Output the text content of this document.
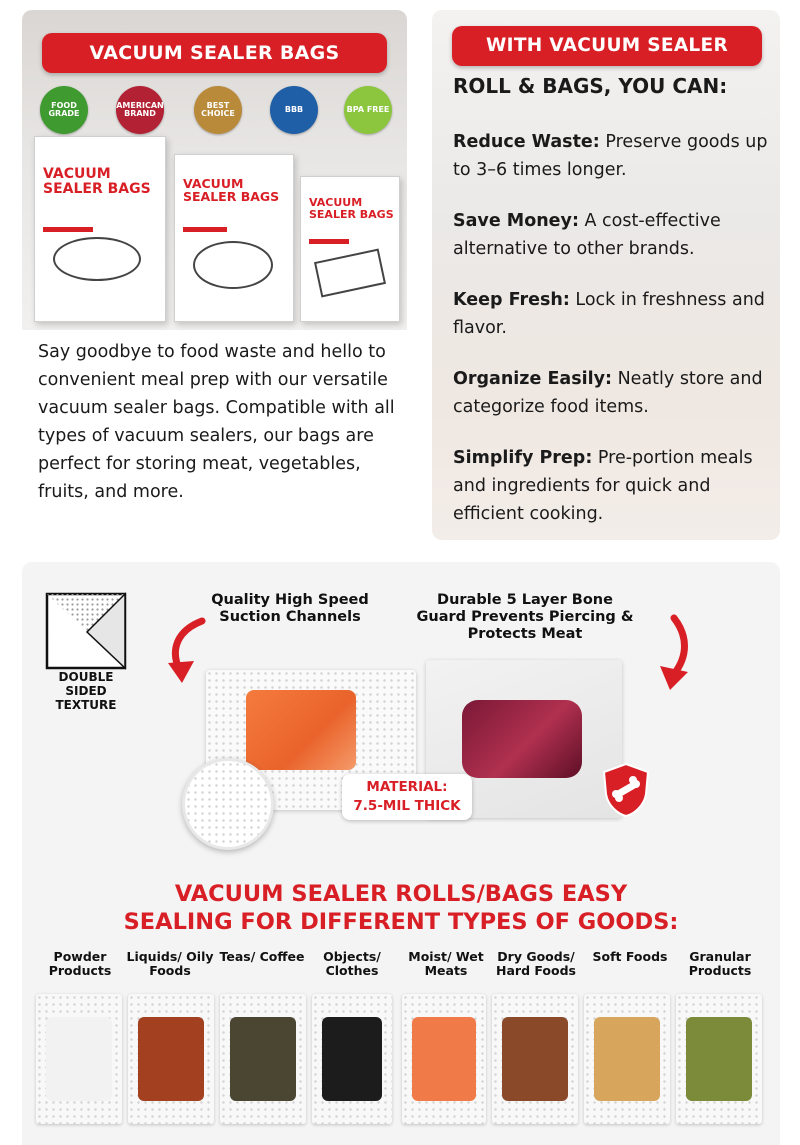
VACUUM SEALER BAGS
FOOD GRADE
AMERICAN BRAND
BEST CHOICE	BBB	BPA FREE
VACUUM SEALER BAGS	VACUUM SEALER BAGS	VACUUM SEALER BAGS
Say goodbye to food waste and hello to convenient meal prep with our versatile vacuum sealer bags. Compatible with all types of vacuum sealers, our bags are perfect for storing meat, vegetables, fruits, and more.
WITH VACUUM SEALER
ROLL & BAGS, YOU CAN:
Reduce Waste: Preserve goods up to 3–6 times longer.
Save Money: A cost-effective alternative to other brands.
Keep Fresh: Lock in freshness and flavor.
Organize Easily: Neatly store and categorize food items.
Simplify Prep: Pre-portion meals and ingredients for quick and efficient cooking.
DOUBLE SIDED TEXTURE
Quality High Speed Suction Channels
Durable 5 Layer Bone Guard Prevents Piercing & Protects Meat
MATERIAL:
7.5-MIL THICK
VACUUM SEALER ROLLS/BAGS EASY
SEALING FOR DIFFERENT TYPES OF GOODS:
Powder Products
Liquids/ Oily Foods
Teas/ Coffee	Objects/ Clothes
Moist/ Wet Meats
Dry Goods/ Hard Foods
Soft Foods	Granular Products
